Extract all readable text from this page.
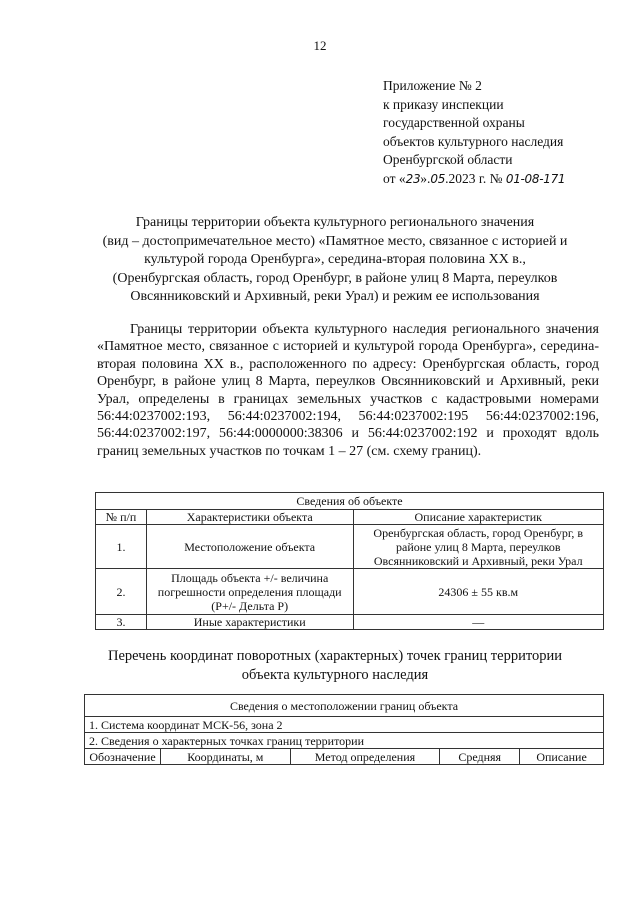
12
Приложение № 2
к приказу инспекции
государственной охраны
объектов культурного наследия
Оренбургской области
от «23».05.2023 г. № 01-08-171
Границы территории объекта культурного регионального значения
(вид – достопримечательное место) «Памятное место, связанное с историей и
культурой города Оренбурга», середина-вторая половина XX в.,
(Оренбургская область, город Оренбург, в районе улиц 8 Марта, переулков
Овсянниковский и Архивный, реки Урал) и режим ее использования
Границы территории объекта культурного наследия регионального значения «Памятное место, связанное с историей и культурой города Оренбурга», середина-вторая половина XX в., расположенного по адресу: Оренбургская область, город Оренбург, в районе улиц 8 Марта, переулков Овсянниковский и Архивный, реки Урал, определены в границах земельных участков с кадастровыми номерами 56:44:0237002:193, 56:44:0237002:194, 56:44:0237002:195 56:44:0237002:196, 56:44:0237002:197, 56:44:0000000:38306 и 56:44:0237002:192 и проходят вдоль границ земельных участков по точкам 1 – 27 (см. схему границ).
Сведения об объекте		
№ п/п	Характеристики объекта	Описание характеристик
1.	Местоположение объекта	Оренбургская область, город Оренбург, в районе улиц 8 Марта, переулков Овсянниковский и Архивный, реки Урал
2.	Площадь объекта +/- величина погрешности определения площади (Р+/- Дельта Р)	24306 ± 55 кв.м
3.	Иные характеристики	—
Перечень координат поворотных (характерных) точек границ территории
объекта культурного наследия
Сведения о местоположении границ объекта
1. Система координат МСК-56, зона 2
2. Сведения о характерных точках границ территории
Обозначение	Координаты, м	Метод определения	Средняя	Описание
